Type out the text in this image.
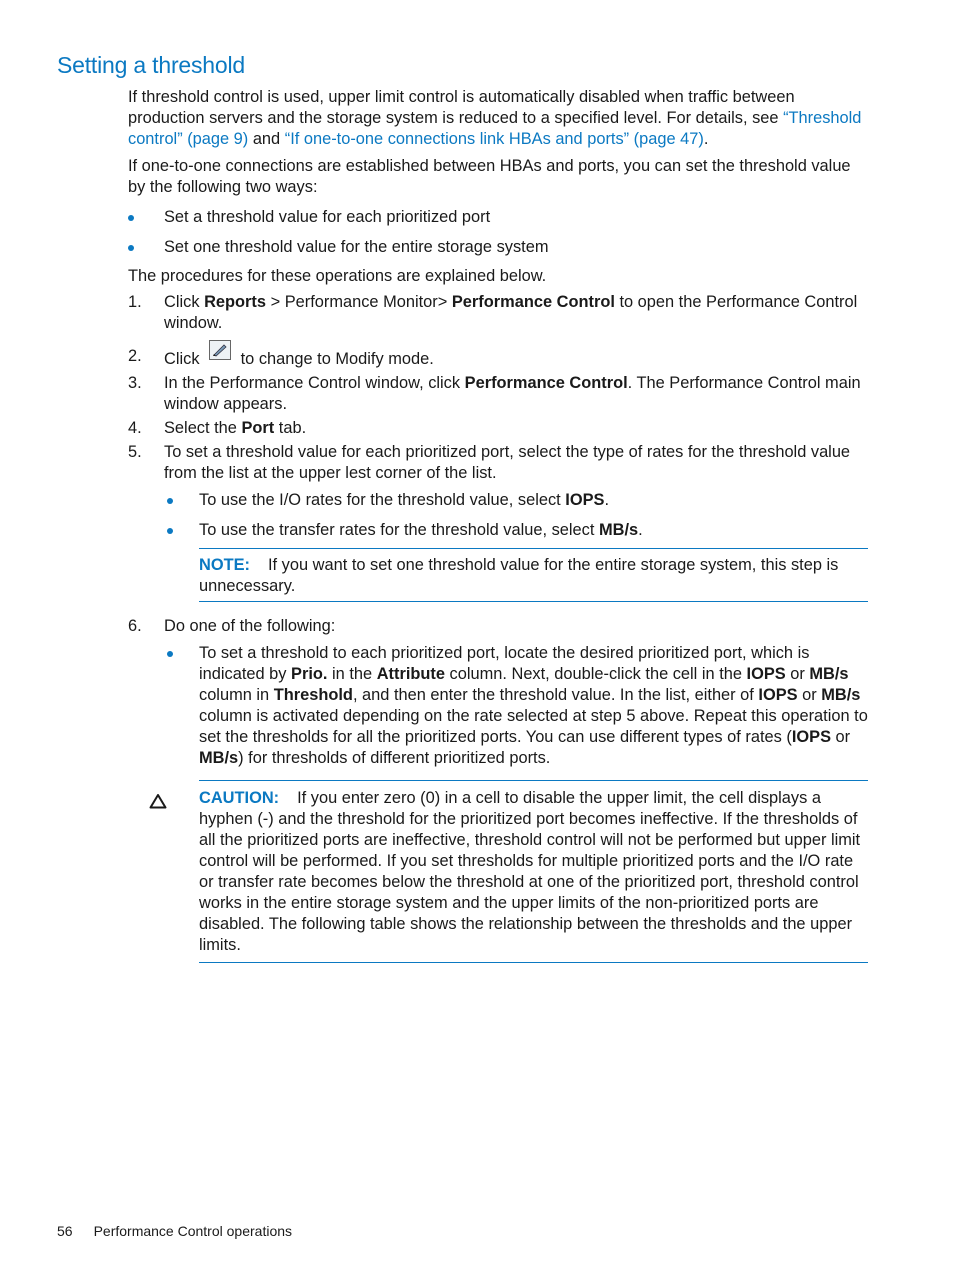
Setting a threshold

If threshold control is used, upper limit control is automatically disabled when traffic between production servers and the storage system is reduced to a specified level. For details, see “Threshold control” (page 9) and “If one-to-one connections link HBAs and ports” (page 47).

If one-to-one connections are established between HBAs and ports, you can set the threshold value by the following two ways:

Set a threshold value for each prioritized port
Set one threshold value for the entire storage system

The procedures for these operations are explained below.

1. Click Reports > Performance Monitor> Performance Control to open the Performance Control window.
2. Click
to change to Modify mode.
3. In the Performance Control window, click Performance Control. The Performance Control main window appears.
4. Select the Port tab.
5. To set a threshold value for each prioritized port, select the type of rates for the threshold value from the list at the upper lest corner of the list.
To use the I/O rates for the threshold value, select IOPS.
To use the transfer rates for the threshold value, select MB/s.
NOTE: If you want to set one threshold value for the entire storage system, this step is unnecessary.
6. Do one of the following:
To set a threshold to each prioritized port, locate the desired prioritized port, which is indicated by Prio. in the Attribute column. Next, double-click the cell in the IOPS or MB/s column in Threshold, and then enter the threshold value. In the list, either of IOPS or MB/s column is activated depending on the rate selected at step 5 above. Repeat this operation to set the thresholds for all the prioritized ports. You can use different types of rates (IOPS or MB/s) for thresholds of different prioritized ports.
CAUTION: If you enter zero (0) in a cell to disable the upper limit, the cell displays a hyphen (-) and the threshold for the prioritized port becomes ineffective. If the thresholds of all the prioritized ports are ineffective, threshold control will not be performed but upper limit control will be performed. If you set thresholds for multiple prioritized ports and the I/O rate or transfer rate becomes below the threshold at one of the prioritized port, threshold control works in the entire storage system and the upper limits of the non-prioritized ports are disabled. The following table shows the relationship between the thresholds and the upper limits.
56 Performance Control operations
